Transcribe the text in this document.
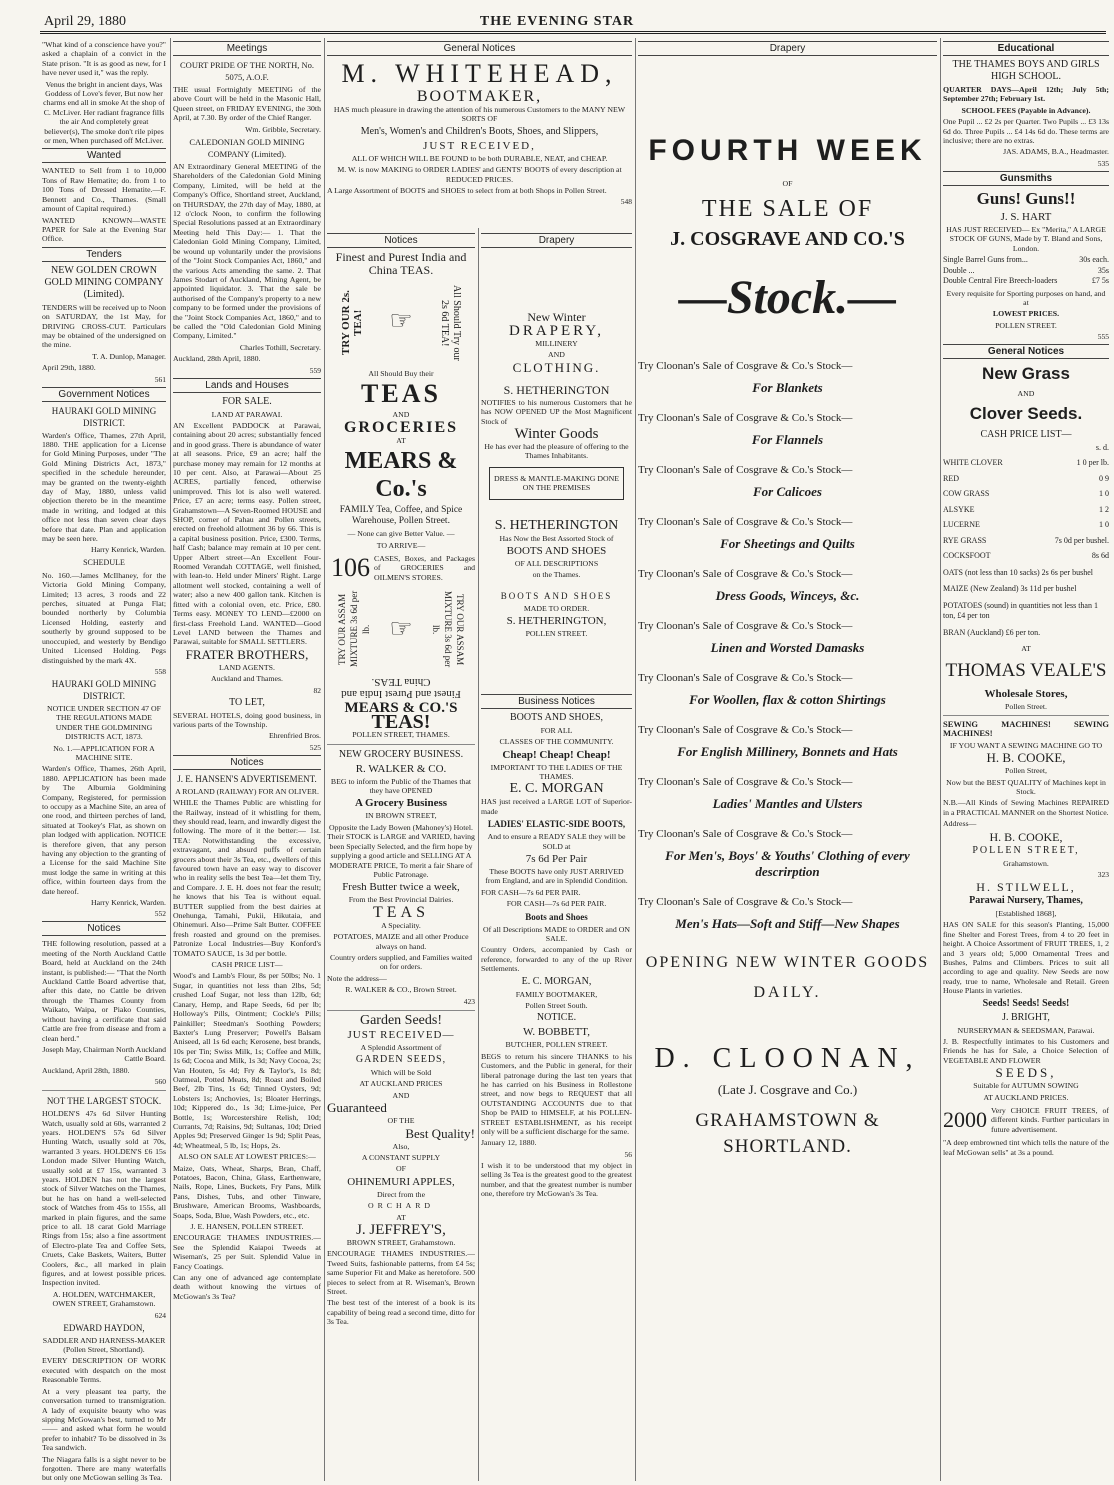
April 29, 1880	THE EVENING STAR
"What kind of a conscience have you?" asked a chaplain of a convict in the State prison. "It is as good as new, for I have never used it," was the reply.
Venus the bright in ancient days, Was Goddess of Love's fever, But now her charms end all in smoke At the shop of C. McLiver. Her radiant fragrance fills the air And completely great believer(s), The smoke don't rile pipes or men, When purchased off McLiver.
Wanted
WANTED to Sell from 1 to 10,000 Tons of Raw Hematite; do. from 1 to 100 Tons of Dressed Hematite.—F. Bennett and Co., Thames. (Small amount of Capital required.)
WANTED KNOWN—WASTE PAPER for Sale at the Evening Star Office.
Tenders
NEW GOLDEN CROWN GOLD MINING COMPANY (Limited).
TENDERS will be received up to Noon on SATURDAY, the 1st May, for DRIVING CROSS-CUT. Particulars may be obtained of the undersigned on the mine.
T. A. Dunlop, Manager.
April 29th, 1880.
561
Government Notices
HAURAKI GOLD MINING DISTRICT.
Warden's Office, Thames, 27th April, 1880. THE application for a License for Gold Mining Purposes, under "The Gold Mining Districts Act, 1873," specified in the schedule hereunder, may be granted on the twenty-eighth day of May, 1880, unless valid objection thereto be in the meantime made in writing, and lodged at this office not less than seven clear days before that date. Plan and application may be seen here.
Harry Kenrick, Warden.
SCHEDULE
No. 160.—James McIlhaney, for the Victoria Gold Mining Company, Limited; 13 acres, 3 roods and 22 perches, situated at Punga Flat; bounded northerly by Columbia Licensed Holding, easterly and southerly by ground supposed to be unoccupied, and westerly by Bendigo United Licensed Holding. Pegs distinguished by the mark 4X.
558
HAURAKI GOLD MINING DISTRICT.
NOTICE UNDER SECTION 47 OF THE REGULATIONS MADE UNDER THE GOLDMINING DISTRICTS ACT, 1873.
No. 1.—APPLICATION FOR A MACHINE SITE.
Warden's Office, Thames, 26th April, 1880. APPLICATION has been made by The Alburnia Goldmining Company, Registered, for permission to occupy as a Machine Site, an area of one rood, and thirteen perches of land, situated at Tookey's Flat, as shown on plan lodged with application. NOTICE is therefore given, that any person having any objection to the granting of a License for the said Machine Site must lodge the same in writing at this office, within fourteen days from the date hereof.
Harry Kenrick, Warden.
552
Notices
THE following resolution, passed at a meeting of the North Auckland Cattle Board, held at Auckland on the 24th instant, is published:— "That the North Auckland Cattle Board advertise that, after this date, no Cattle be driven through the Thames County from Waikato, Waipa, or Piako Counties, without having a certificate that said Cattle are free from disease and from a clean herd."
Joseph May, Chairman North Auckland Cattle Board.
Auckland, April 28th, 1880.
560
NOT THE LARGEST STOCK.
HOLDEN'S 47s 6d Silver Hunting Watch, usually sold at 60s, warranted 2 years. HOLDEN'S 57s 6d Silver Hunting Watch, usually sold at 70s, warranted 3 years. HOLDEN'S £6 15s London made Silver Hunting Watch, usually sold at £7 15s, warranted 3 years. HOLDEN has not the largest stock of Silver Watches on the Thames, but he has on hand a well-selected stock of Watches from 45s to 155s, all marked in plain figures, and the same price to all. 18 carat Gold Marriage Rings from 15s; also a fine assortment of Electro-plate Tea and Coffee Sets, Cruets, Cake Baskets, Waiters, Butter Coolers, &c., all marked in plain figures, and at lowest possible prices. Inspection invited.
A. HOLDEN, WATCHMAKER, OWEN STREET, Grahamstown.
624
EDWARD HAYDON,
SADDLER AND HARNESS-MAKER (Pollen Street, Shortland).
EVERY DESCRIPTION OF WORK executed with despatch on the most Reasonable Terms.
At a very pleasant tea party, the conversation turned to transmigration. A lady of exquisite beauty who was sipping McGowan's best, turned to Mr —— and asked what form he would prefer to inhabit? To be dissolved in 3s Tea sandwich.
The Niagara falls is a sight never to be forgotten. There are many waterfalls but only one McGowan selling 3s Tea.
Meetings
COURT PRIDE OF THE NORTH, No. 5075, A.O.F.
THE usual Fortnightly MEETING of the above Court will be held in the Masonic Hall, Queen street, on FRIDAY EVENING, the 30th April, at 7.30. By order of the Chief Ranger.
Wm. Gribble, Secretary.
CALEDONIAN GOLD MINING COMPANY (Limited).
AN Extraordinary General MEETING of the Shareholders of the Caledonian Gold Mining Company, Limited, will be held at the Company's Office, Shortland street, Auckland, on THURSDAY, the 27th day of May, 1880, at 12 o'clock Noon, to confirm the following Special Resolutions passed at an Extraordinary Meeting held This Day:— 1. That the Caledonian Gold Mining Company, Limited, be wound up voluntarily under the provisions of the "Joint Stock Companies Act, 1860," and the various Acts amending the same. 2. That James Stodart of Auckland, Mining Agent, be appointed liquidator. 3. That the sale be authorised of the Company's property to a new company to be formed under the provisions of the "Joint Stock Companies Act, 1860," and to be called the "Old Caledonian Gold Mining Company, Limited."
Charles Tothill, Secretary.
Auckland, 28th April, 1880.
559
Lands and Houses
FOR SALE.
LAND AT PARAWAI.
AN Excellent PADDOCK at Parawai, containing about 20 acres; substantially fenced and in good grass. There is abundance of water at all seasons. Price, £9 an acre; half the purchase money may remain for 12 months at 10 per cent. Also, at Parawai—About 25 ACRES, partially fenced, otherwise unimproved. This lot is also well watered. Price, £7 an acre; terms easy. Pollen street, Grahamstown—A Seven-Roomed HOUSE and SHOP, corner of Pahau and Pollen streets, erected on freehold allotment 36 by 66. This is a capital business position. Price, £300. Terms, half Cash; balance may remain at 10 per cent. Upper Albert street—An Excellent Four-Roomed Verandah COTTAGE, well finished, with lean-to. Held under Miners' Right. Large allotment well stocked, containing a well of water; also a new 400 gallon tank. Kitchen is fitted with a colonial oven, etc. Price, £80. Terms easy. MONEY TO LEND—£2000 on first-class Freehold Land. WANTED—Good Level LAND between the Thames and Parawai, suitable for SMALL SETTLERS.
FRATER BROTHERS,
LAND AGENTS.
Auckland and Thames.
82
TO LET,
SEVERAL HOTELS, doing good business, in various parts of the Township.
Ehrenfried Bros.
525
Notices
J. E. HANSEN'S ADVERTISEMENT.
A ROLAND (RAILWAY) FOR AN OLIVER.
WHILE the Thames Public are whistling for the Railway, instead of it whistling for them, they should read, learn, and inwardly digest the following. The more of it the better:— 1st. TEA: Notwithstanding the excessive, extravagant, and absurd puffs of certain grocers about their 3s Tea, etc., dwellers of this favoured town have an easy way to discover who in reality sells the best Tea—let them Try, and Compare. J. E. H. does not fear the result; he knows that his Tea is without equal. BUTTER supplied from the best dairies at Onehunga, Tamahi, Pukii, Hikutaia, and Ohinemuri. Also—Prime Salt Butter. COFFEE fresh roasted and ground on the premises. Patronize Local Industries—Buy Konford's TOMATO SAUCE, 1s 3d per bottle.
CASH PRICE LIST—
Wood's and Lamb's Flour, 8s per 50lbs; No. 1 Sugar, in quantities not less than 2lbs, 5d; crushed Loaf Sugar, not less than 12lb, 6d; Canary, Hemp, and Rape Seeds, 6d per lb; Holloway's Pills, Ointment; Cockle's Pills; Painkiller; Steedman's Soothing Powders; Baxter's Lung Preserver; Powell's Balsam Aniseed, all 1s 6d each; Kerosene, best brands, 10s per Tin; Swiss Milk, 1s; Coffee and Milk, 1s 6d; Cocoa and Milk, 1s 3d; Navy Cocoa, 2s; Van Houten, 5s 4d; Fry & Taylor's, 1s 8d; Oatmeal, Potted Meats, 8d; Roast and Boiled Beef, 2lb Tins, 1s 6d; Tinned Oysters, 9d; Lobsters 1s; Anchovies, 1s; Bloater Herrings, 10d; Kippered do., 1s 3d; Lime-juice, Per Bottle, 1s; Worcestershire Relish, 10d; Currants, 7d; Raisins, 9d; Sultanas, 10d; Dried Apples 9d; Preserved Ginger 1s 9d; Split Peas, 4d; Wheatmeal, 5 lb, 1s; Hops, 2s.
ALSO ON SALE AT LOWEST PRICES:—
Maize, Oats, Wheat, Sharps, Bran, Chaff, Potatoes, Bacon, China, Glass, Earthenware, Nails, Rope, Lines, Buckets, Fry Pans, Milk Pans, Dishes, Tubs, and other Tinware, Brushware, American Brooms, Washboards, Soaps, Soda, Blue, Wash Powders, etc., etc.
J. E. HANSEN, POLLEN STREET.
ENCOURAGE THAMES INDUSTRIES.—See the Splendid Kaiapoi Tweeds at Wiseman's, 25 per Suit. Splendid Value in Fancy Coatings.
Can any one of advanced age contemplate death without knowing the virtues of McGowan's 3s Tea?
General Notices
M. WHITEHEAD,
BOOTMAKER,
HAS much pleasure in drawing the attention of his numerous Customers to the MANY NEW SORTS OF
Men's, Women's and Children's Boots, Shoes, and Slippers,
JUST RECEIVED,
ALL OF WHICH WILL BE FOUND to be both DURABLE, NEAT, and CHEAP.
M. W. is now MAKING to ORDER LADIES' and GENTS' BOOTS of every description at REDUCED PRICES.
A Large Assortment of BOOTS and SHOES to select from at both Shops in Pollen Street.
548
Notices
Finest and Purest India and China TEAS.
TRY OUR 2s. TEA! ☞	All Should Try our 2s 6d TEA!
All Should Buy their
TEAS
AND
GROCERIES
AT
MEARS & Co.'s
FAMILY Tea, Coffee, and Spice Warehouse, Pollen Street.
— None can give Better Value. —
TO ARRIVE—
106 CASES, Boxes, and Packages of GROCERIES and OILMEN'S STORES.
TRY OUR ASSAM MIXTURE 3s 6d per lb. ☞	TRY OUR ASSAM MIXTURE 3s 6d per lb.
Finest and Purest India and China TEAS.
MEARS & CO.'S
TEAS!
POLLEN STREET, THAMES.
NEW GROCERY BUSINESS.
R. WALKER & CO.
BEG to inform the Public of the Thames that they have OPENED
A Grocery Business
IN BROWN STREET,
Opposite the Lady Bowen (Mahoney's) Hotel. Their STOCK is LARGE and VARIED, having been Specially Selected, and the firm hope by supplying a good article and SELLING AT A MODERATE PRICE, To merit a fair Share of Public Patronage.
Fresh Butter twice a week,
From the Best Provincial Dairies.
TEAS
A Speciality.
POTATOES, MAIZE and all other Produce always on hand.
Country orders supplied, and Families waited on for orders.
Note the address—
R. WALKER & CO., Brown Street.
423
Garden Seeds!
JUST RECEIVED—
A Splendid Assortment of
GARDEN SEEDS,
Which will be Sold
AT AUCKLAND PRICES
AND
Guaranteed
OF THE
Best Quality!
Also,
A CONSTANT SUPPLY
OF
OHINEMURI APPLES,
Direct from the
ORCHARD
AT
J. JEFFREY'S,
BROWN STREET, Grahamstown.
ENCOURAGE THAMES INDUSTRIES.—Tweed Suits, fashionable patterns, from £4 5s; same Superior Fit and Make as heretofore. 500 pieces to select from at R. Wiseman's, Brown Street.
The best test of the interest of a book is its capability of being read a second time, ditto for 3s Tea.
Drapery
New Winter
DRAPERY,
MILLINERY
AND
CLOTHING.
S. HETHERINGTON
NOTIFIES to his numerous Customers that he has NOW OPENED UP the Most Magnificent Stock of
Winter Goods
He has ever had the pleasure of offering to the Thames Inhabitants.
DRESS & MANTLE-MAKING DONE ON THE PREMISES
S. HETHERINGTON
Has Now the Best Assorted Stock of
BOOTS AND SHOES
OF ALL DESCRIPTIONS
on the Thames.
BOOTS AND SHOES
MADE TO ORDER.
S. HETHERINGTON,
POLLEN STREET.
Business Notices
BOOTS AND SHOES,
FOR ALL
CLASSES OF THE COMMUNITY.
Cheap! Cheap! Cheap!
IMPORTANT TO THE LADIES OF THE THAMES.
E. C. MORGAN
HAS just received a LARGE LOT of Superior-made
LADIES' ELASTIC-SIDE BOOTS,
And to ensure a READY SALE they will be SOLD at
7s 6d Per Pair
These BOOTS have only JUST ARRIVED from England, and are in Splendid Condition.
FOR CASH—7s 6d PER PAIR.
FOR CASH—7s 6d PER PAIR.
Boots and Shoes
Of all Descriptions MADE to ORDER and ON SALE.
Country Orders, accompanied by Cash or reference, forwarded to any of the up River Settlements.
E. C. MORGAN,
FAMILY BOOTMAKER,
Pollen Street South.
NOTICE.
W. BOBBETT,
BUTCHER, POLLEN STREET.
BEGS to return his sincere THANKS to his Customers, and the Public in general, for their liberal patronage during the last ten years that he has carried on his Business in Rollestone street, and now begs to REQUEST that all OUTSTANDING ACCOUNTS due to that Shop be PAID to HIMSELF, at his POLLEN-STREET ESTABLISHMENT, as his receipt only will be a sufficient discharge for the same.
January 12, 1880.
56
I wish it to be understood that my object in selling 3s Tea is the greatest good to the greatest number, and that the greatest number is number one, therefore try McGowan's 3s Tea.
Drapery
FOURTH WEEK
OF
THE SALE OF
J. COSGRAVE AND CO.'S
—Stock.—
Try Cloonan's Sale of Cosgrave & Co.'s Stock—
For Blankets
Try Cloonan's Sale of Cosgrave & Co.'s Stock—
For Flannels
Try Cloonan's Sale of Cosgrave & Co.'s Stock—
For Calicoes
Try Cloonan's Sale of Cosgrave & Co.'s Stock—
For Sheetings and Quilts
Try Cloonan's Sale of Cosgrave & Co.'s Stock—
Dress Goods, Winceys, &c.
Try Cloonan's Sale of Cosgrave & Co.'s Stock—
Linen and Worsted Damasks
Try Cloonan's Sale of Cosgrave & Co.'s Stock—
For Woollen, flax & cotton Shirtings
Try Cloonan's Sale of Cosgrave & Co.'s Stock—
For English Millinery, Bonnets and Hats
Try Cloonan's Sale of Cosgrave & Co.'s Stock—
Ladies' Mantles and Ulsters
Try Cloonan's Sale of Cosgrave & Co.'s Stock—
For Men's, Boys' & Youths' Clothing of every descrirption
Try Cloonan's Sale of Cosgrave & Co.'s Stock—
Men's Hats—Soft and Stiff—New Shapes
OPENING NEW WINTER GOODS
DAILY.
D. CLOONAN,
(Late J. Cosgrave and Co.)
GRAHAMSTOWN & SHORTLAND.
Educational
THE THAMES BOYS AND GIRLS HIGH SCHOOL.
QUARTER DAYS—April 12th; July 5th; September 27th; February 1st.
SCHOOL FEES (Payable in Advance).
One Pupil ... £2 2s per Quarter. Two Pupils ... £3 13s 6d do. Three Pupils ... £4 14s 6d do. These terms are inclusive; there are no extras.
JAS. ADAMS, B.A., Headmaster.
535
Gunsmiths
Guns! Guns!!
J. S. HART
HAS JUST RECEIVED— Ex "Merita," A LARGE STOCK OF GUNS, Made by T. Bland and Sons, London.
Single Barrel Guns from...	30s each.
Double ...	35s
Double Central Fire Breech-loaders	£7 5s
Every requisite for Sporting purposes on hand, and at
LOWEST PRICES.
POLLEN STREET.
555
General Notices
New Grass
AND
Clover Seeds.
CASH PRICE LIST—
s. d.
WHITE CLOVER	1 0 per lb.
RED	0 9
COW GRASS	1 0
ALSYKE	1 2
LUCERNE	1 0
RYE GRASS	7s 0d per bushel.
COCKSFOOT	8s 6d
OATS (not less than 10 sacks) 2s 6s per bushel
MAIZE (New Zealand) 3s 11d per bushel
POTATOES (sound) in quantities not less than 1 ton, £4 per ton
BRAN (Auckland) £6 per ton.
AT
THOMAS VEALE'S
Wholesale Stores,
Pollen Street.
SEWING MACHINES! SEWING MACHINES!
IF YOU WANT A SEWING MACHINE GO TO
H. B. COOKE,
Pollen Street,
Now but the BEST QUALITY of Machines kept in Stock.
N.B.—All Kinds of Sewing Machines REPAIRED in a PRACTICAL MANNER on the Shortest Notice.
Address—
H. B. COOKE,
POLLEN STREET,
Grahamstown.
323
H. STILWELL,
Parawai Nursery, Thames,
[Established 1868],
HAS ON SALE for this season's Planting, 15,000 fine Shelter and Forest Trees, from 4 to 20 feet in height. A Choice Assortment of FRUIT TREES, 1, 2 and 3 years old; 5,000 Ornamental Trees and Bushes, Palms and Climbers. Prices to suit all according to age and quality. New Seeds are now ready, true to name, Wholesale and Retail. Green House Plants in varieties.
Seeds! Seeds! Seeds!
J. BRIGHT,
NURSERYMAN & SEEDSMAN, Parawai.
J. B. Respectfully intimates to his Customers and Friends he has for Sale, a Choice Selection of VEGETABLE AND FLOWER
SEEDS,
Suitable for AUTUMN SOWING
AT AUCKLAND PRICES.
2000 Very CHOICE FRUIT TREES, of different kinds. Further particulars in future advertisement.
"A deep embrowned tint which tells the nature of the leaf McGowan sells" at 3s a pound.
